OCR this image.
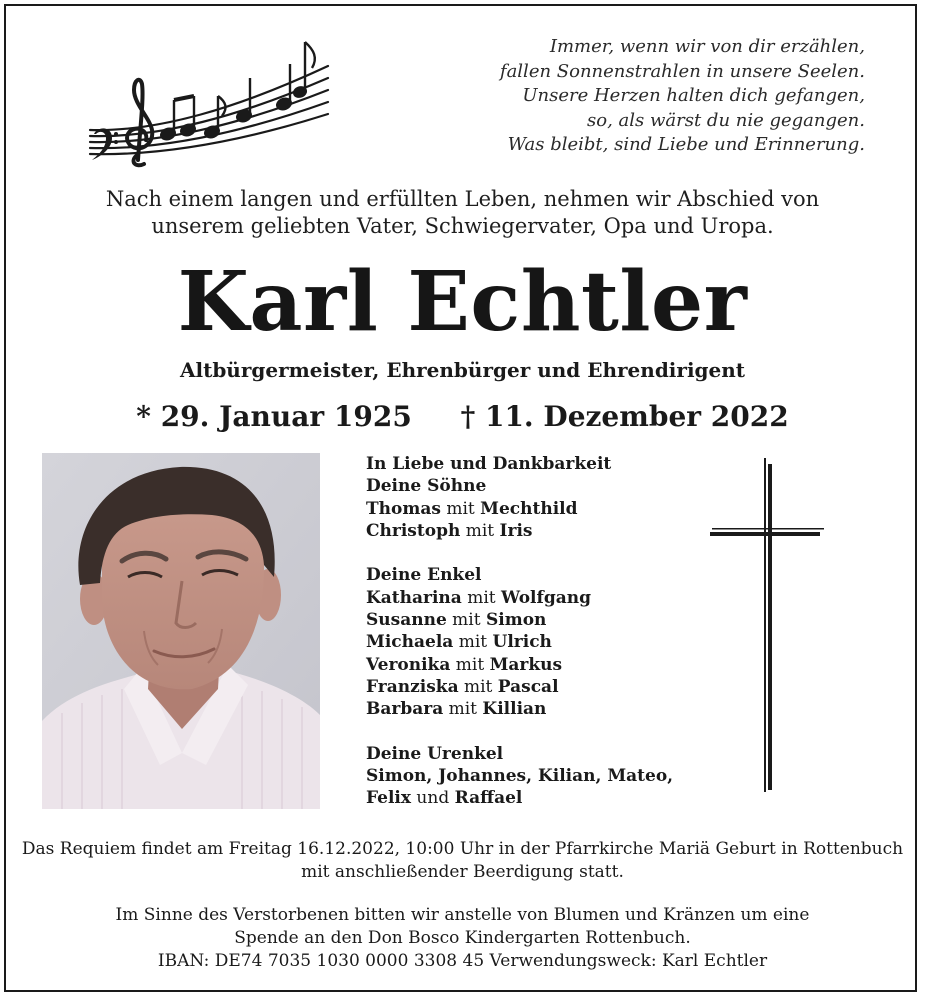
Immer, wenn wir von dir erzählen,
fallen Sonnenstrahlen in unsere Seelen.
Unsere Herzen halten dich gefangen,
so, als wärst du nie gegangen.
Was bleibt, sind Liebe und Erinnerung.
Nach einem langen und erfüllten Leben, nehmen wir Abschied von
unserem geliebten Vater, Schwiegervater, Opa und Uropa.
Karl Echtler
Altbürgermeister, Ehrenbürger und Ehrendirigent
* 29. Januar 1925 † 11. Dezember 2022
In Liebe und Dankbarkeit
Deine Söhne
Thomas mit Mechthild
Christoph mit Iris
Deine Enkel
Katharina mit Wolfgang
Susanne mit Simon
Michaela mit Ulrich
Veronika mit Markus
Franziska mit Pascal
Barbara mit Killian
Deine Urenkel
Simon, Johannes, Kilian, Mateo,
Felix und Raffael
Das Requiem findet am Freitag 16.12.2022, 10:00 Uhr in der Pfarrkirche Mariä Geburt in Rottenbuch
mit anschließender Beerdigung statt.
Im Sinne des Verstorbenen bitten wir anstelle von Blumen und Kränzen um eine
Spende an den Don Bosco Kindergarten Rottenbuch.
IBAN: DE74 7035 1030 0000 3308 45 Verwendungsweck: Karl Echtler
